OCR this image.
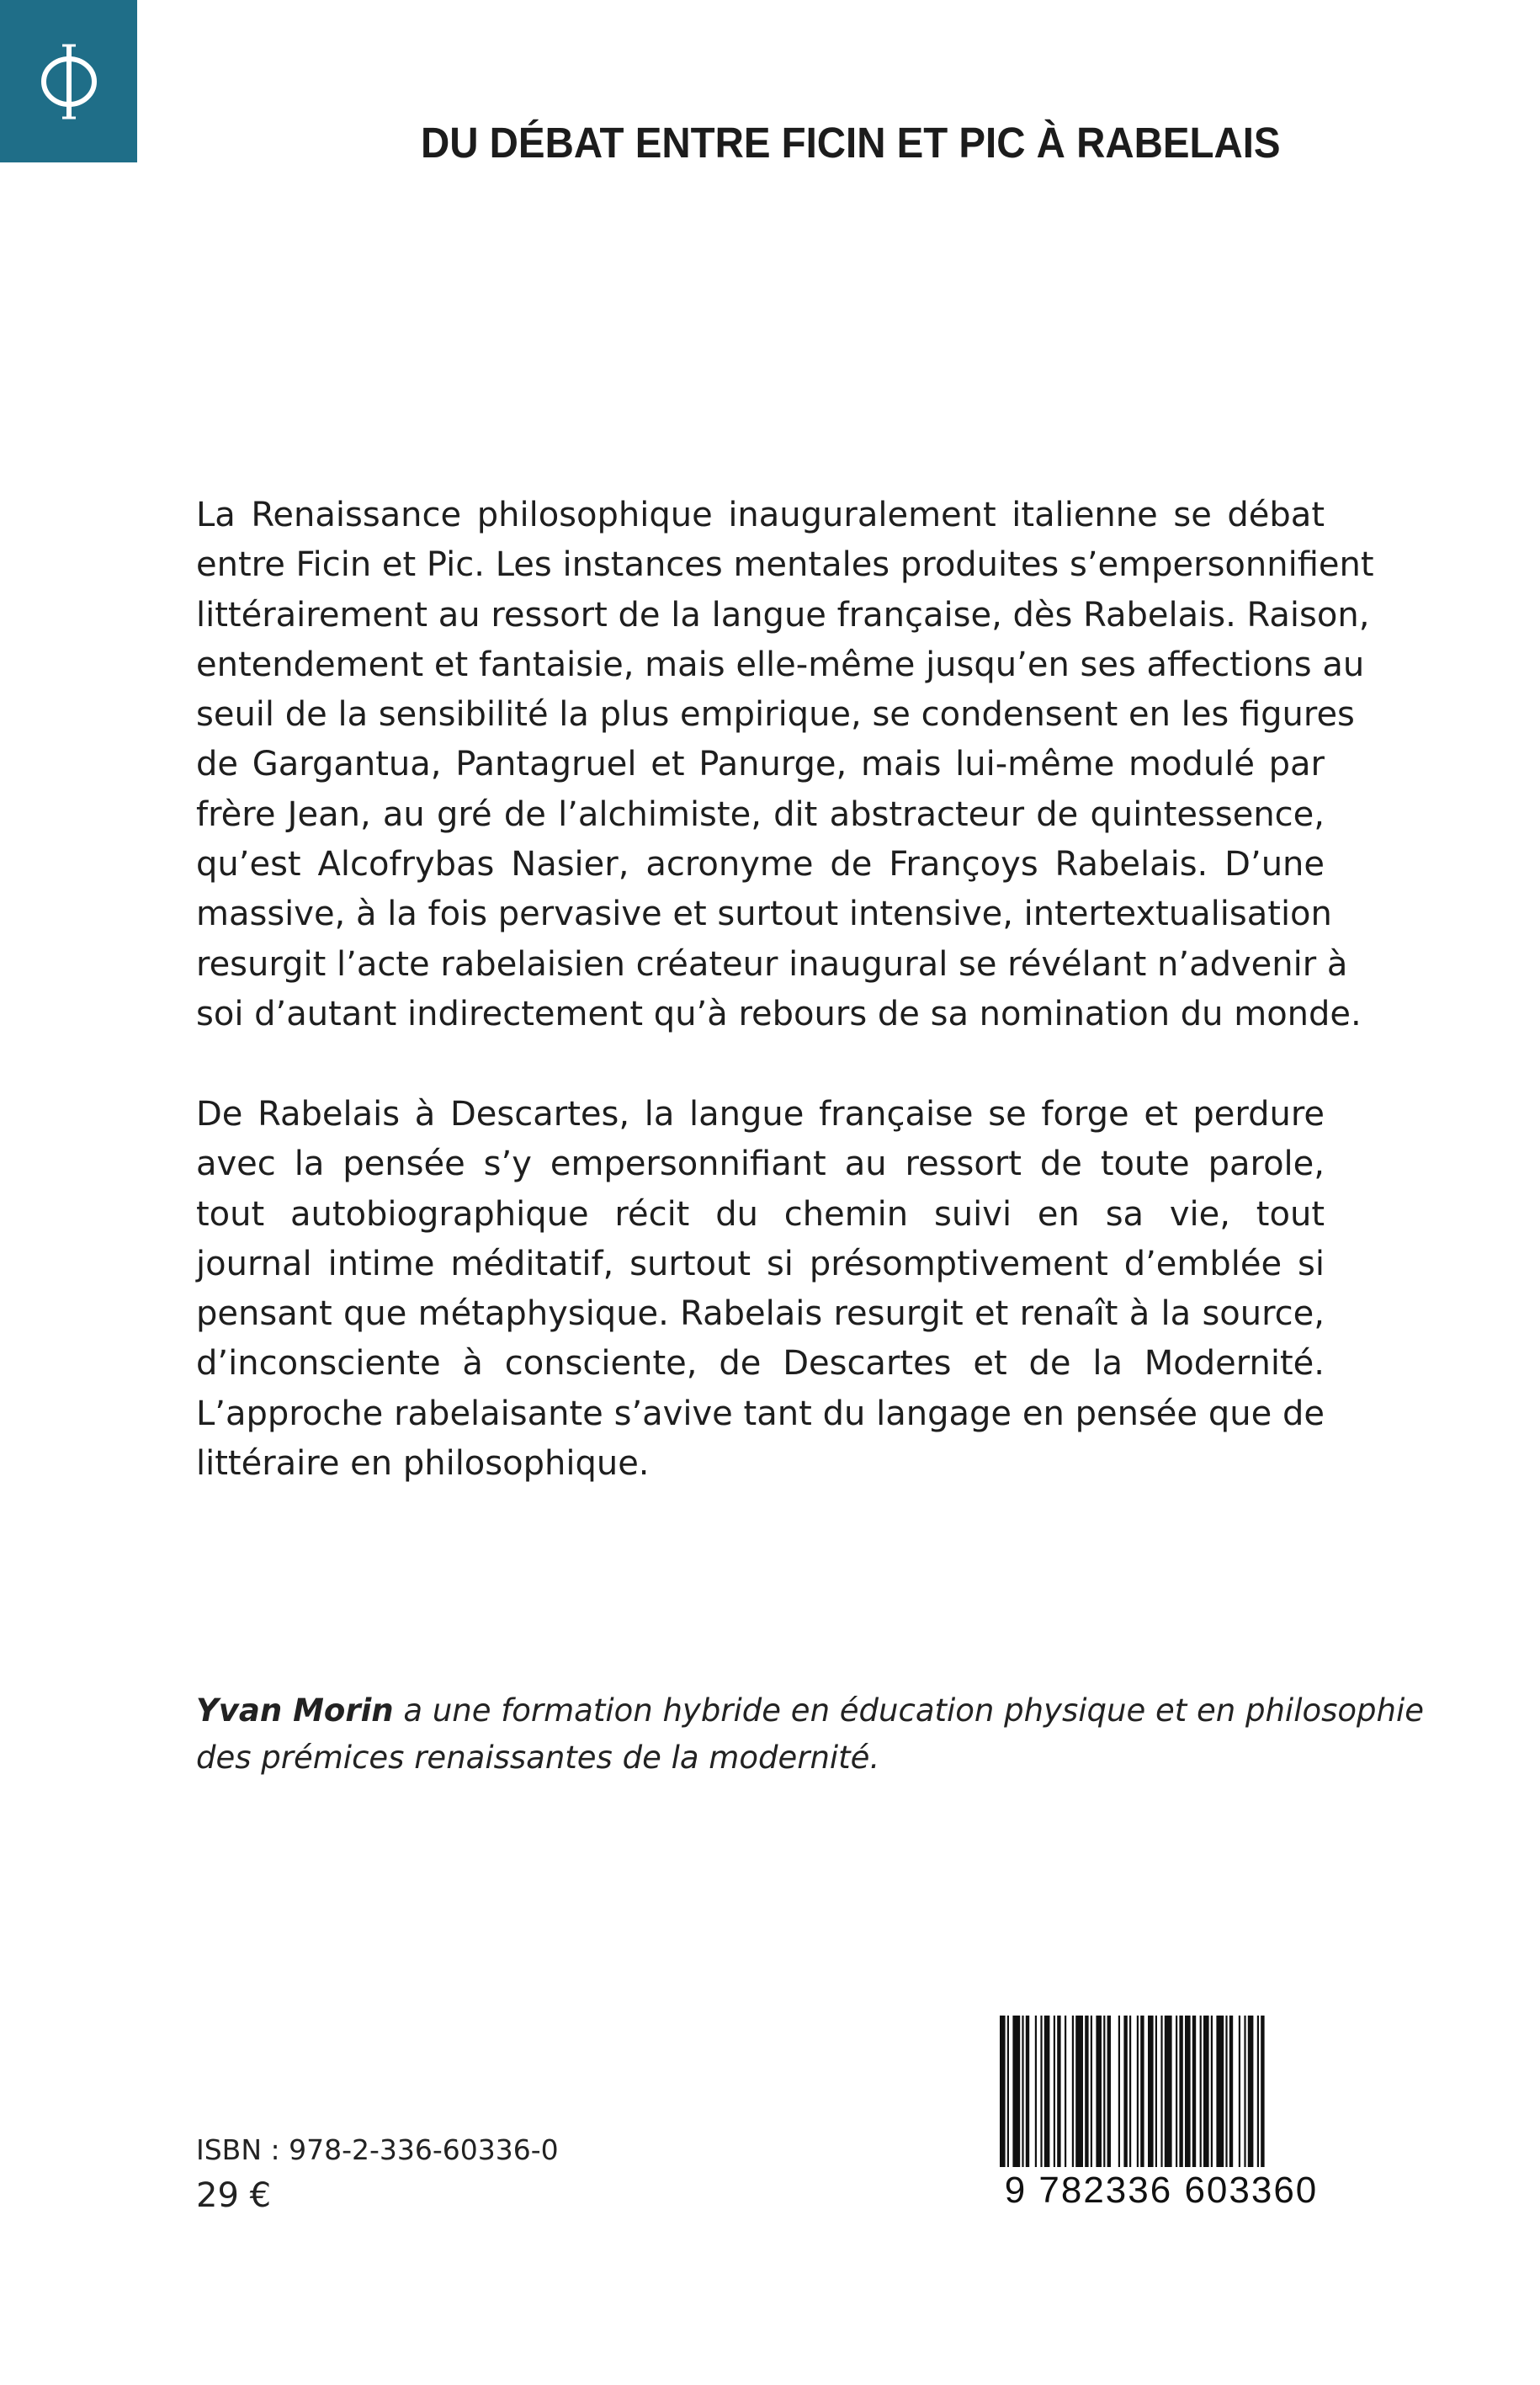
DU DÉBAT ENTRE FICIN ET PIC À RABELAIS
La Renaissance philosophique inauguralement italienne se débat
entre Ficin et Pic. Les instances mentales produites s’empersonnifient
littérairement au ressort de la langue française, dès Rabelais. Raison,
entendement et fantaisie, mais elle-même jusqu’en ses affections au
seuil de la sensibilité la plus empirique, se condensent en les figures
de Gargantua, Pantagruel et Panurge, mais lui-même modulé par
frère Jean, au gré de l’alchimiste, dit abstracteur de quintessence,
qu’est Alcofrybas Nasier, acronyme de Françoys Rabelais. D’une
massive, à la fois pervasive et surtout intensive, intertextualisation
resurgit l’acte rabelaisien créateur inaugural se révélant n’advenir à
soi d’autant indirectement qu’à rebours de sa nomination du monde.
De Rabelais à Descartes, la langue française se forge et perdure
avec la pensée s’y empersonnifiant au ressort de toute parole,
tout autobiographique récit du chemin suivi en sa vie, tout
journal intime méditatif, surtout si présomptivement d’emblée si
pensant que métaphysique. Rabelais resurgit et renaît à la source,
d’inconsciente à consciente, de Descartes et de la Modernité.
L’approche rabelaisante s’avive tant du langage en pensée que de
littéraire en philosophique.
Yvan Morin a une formation hybride en éducation physique et en philosophie
des prémices renaissantes de la modernité.
ISBN : 978-2-336-60336-0
29 €	9 782336 603360
